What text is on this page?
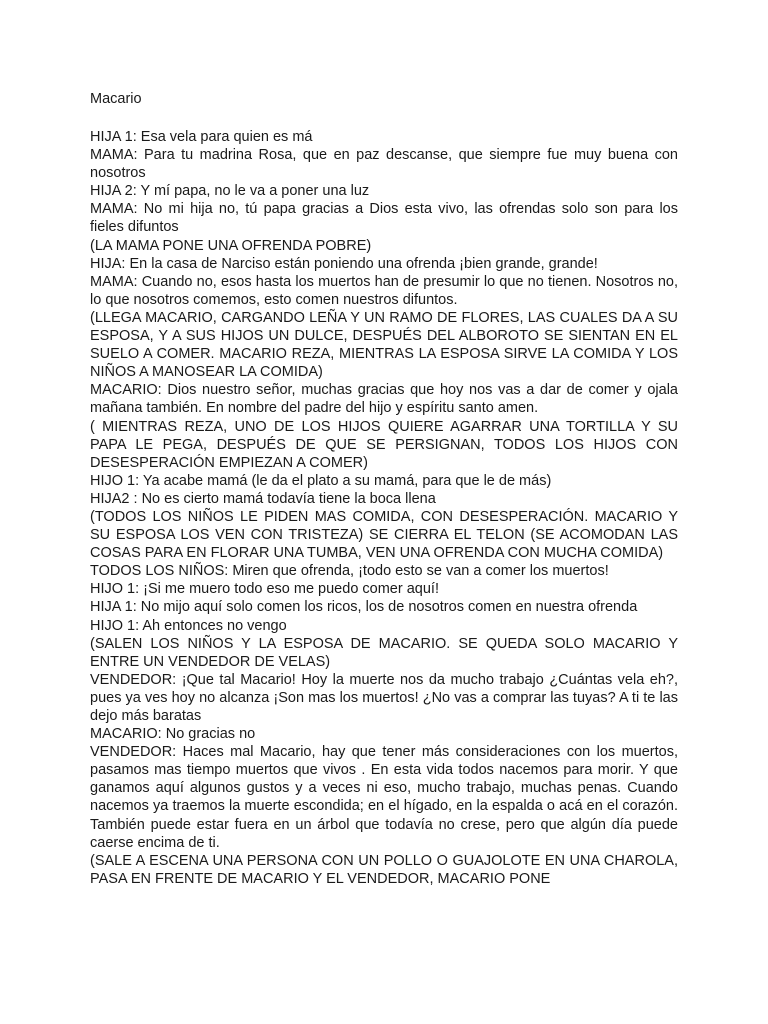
Macario

HIJA 1: Esa vela para quien es má

MAMA: Para tu madrina Rosa, que en paz descanse, que siempre fue muy buena con nosotros

HIJA 2: Y mí papa, no le va a poner una luz

MAMA: No mi hija no, tú papa gracias a Dios esta vivo, las ofrendas solo son para los fieles difuntos

(LA MAMA PONE UNA OFRENDA POBRE)

HIJA: En la casa de Narciso están poniendo una ofrenda ¡bien grande, grande!

MAMA: Cuando no, esos hasta los muertos han de presumir lo que no tienen. Nosotros no, lo que nosotros comemos, esto comen nuestros difuntos.

(LLEGA MACARIO, CARGANDO LEÑA Y UN RAMO DE FLORES, LAS CUALES DA A SU ESPOSA, Y A SUS HIJOS UN DULCE, DESPUÉS DEL ALBOROTO SE SIENTAN EN EL SUELO A COMER. MACARIO REZA, MIENTRAS LA ESPOSA SIRVE LA COMIDA Y LOS NIÑOS A MANOSEAR LA COMIDA)

MACARIO: Dios nuestro señor, muchas gracias que hoy nos vas a dar de comer y ojala mañana también. En nombre del padre del hijo y espíritu santo amen.

( MIENTRAS REZA, UNO DE LOS HIJOS QUIERE AGARRAR UNA TORTILLA Y SU PAPA LE PEGA, DESPUÉS DE QUE SE PERSIGNAN, TODOS LOS HIJOS CON DESESPERACIÓN EMPIEZAN A COMER)

HIJO 1: Ya acabe mamá (le da el plato a su mamá, para que le de más)

HIJA2 : No es cierto mamá todavía tiene la boca llena

(TODOS LOS NIÑOS LE PIDEN MAS COMIDA, CON DESESPERACIÓN. MACARIO Y SU ESPOSA LOS VEN CON TRISTEZA) SE CIERRA EL TELON (SE ACOMODAN LAS COSAS PARA EN FLORAR UNA TUMBA, VEN UNA OFRENDA CON MUCHA COMIDA)

TODOS LOS NIÑOS: Miren que ofrenda, ¡todo esto se van a comer los muertos!

HIJO 1: ¡Si me muero todo eso me puedo comer aquí!

HIJA 1: No mijo aquí solo comen los ricos, los de nosotros comen en nuestra ofrenda

HIJO 1: Ah entonces no vengo

(SALEN LOS NIÑOS Y LA ESPOSA DE MACARIO. SE QUEDA SOLO MACARIO Y ENTRE UN VENDEDOR DE VELAS)

VENDEDOR: ¡Que tal Macario! Hoy la muerte nos da mucho trabajo ¿Cuántas vela eh?, pues ya ves hoy no alcanza ¡Son mas los muertos! ¿No vas a comprar las tuyas? A ti te las dejo más baratas

MACARIO: No gracias no

VENDEDOR: Haces mal Macario, hay que tener más consideraciones con los muertos, pasamos mas tiempo muertos que vivos . En esta vida todos nacemos para morir. Y que ganamos aquí algunos gustos y a veces ni eso, mucho trabajo, muchas penas. Cuando nacemos ya traemos la muerte escondida; en el hígado, en la espalda o acá en el corazón. También puede estar fuera en un árbol que todavía no crese, pero que algún día puede caerse encima de ti.

(SALE A ESCENA UNA PERSONA CON UN POLLO O GUAJOLOTE EN UNA CHAROLA, PASA EN FRENTE DE MACARIO Y EL VENDEDOR, MACARIO PONE
